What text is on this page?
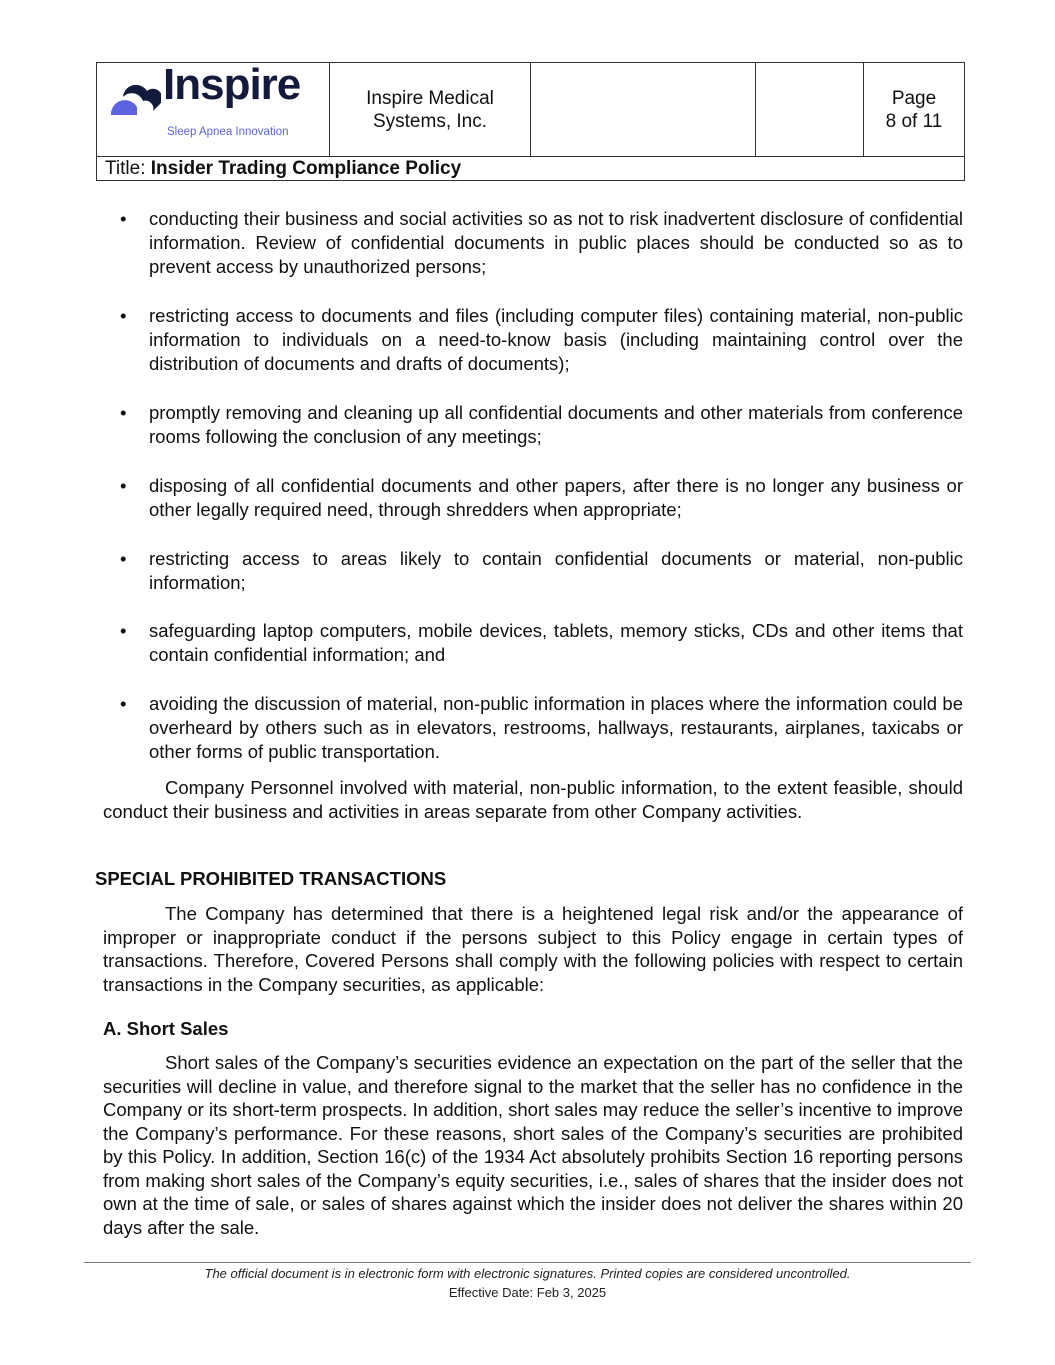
Inspire
Sleep Apnea Innovation
Inspire Medical Systems, Inc.
Page
8 of 11
Title: Insider Trading Compliance Policy
• conducting their business and social activities so as not to risk inadvertent disclosure of confidential information. Review of confidential documents in public places should be conducted so as to prevent access by unauthorized persons;
• restricting access to documents and files (including computer files) containing material, non-public information to individuals on a need-to-know basis (including maintaining control over the distribution of documents and drafts of documents);
• promptly removing and cleaning up all confidential documents and other materials from conference rooms following the conclusion of any meetings;
• disposing of all confidential documents and other papers, after there is no longer any business or other legally required need, through shredders when appropriate;
• restricting access to areas likely to contain confidential documents or material, non-public information;
• safeguarding laptop computers, mobile devices, tablets, memory sticks, CDs and other items that contain confidential information; and
• avoiding the discussion of material, non-public information in places where the information could be overheard by others such as in elevators, restrooms, hallways, restaurants, airplanes, taxicabs or other forms of public transportation.
Company Personnel involved with material, non-public information, to the extent feasible, should conduct their business and activities in areas separate from other Company activities.
SPECIAL PROHIBITED TRANSACTIONS
The Company has determined that there is a heightened legal risk and/or the appearance of improper or inappropriate conduct if the persons subject to this Policy engage in certain types of transactions. Therefore, Covered Persons shall comply with the following policies with respect to certain transactions in the Company securities, as applicable:
A. Short Sales
Short sales of the Company’s securities evidence an expectation on the part of the seller that the securities will decline in value, and therefore signal to the market that the seller has no confidence in the Company or its short-term prospects. In addition, short sales may reduce the seller’s incentive to improve the Company’s performance. For these reasons, short sales of the Company’s securities are prohibited by this Policy. In addition, Section 16(c) of the 1934 Act absolutely prohibits Section 16 reporting persons from making short sales of the Company’s equity securities, i.e., sales of shares that the insider does not own at the time of sale, or sales of shares against which the insider does not deliver the shares within 20 days after the sale.
The official document is in electronic form with electronic signatures. Printed copies are considered uncontrolled.
Effective Date: Feb 3, 2025
